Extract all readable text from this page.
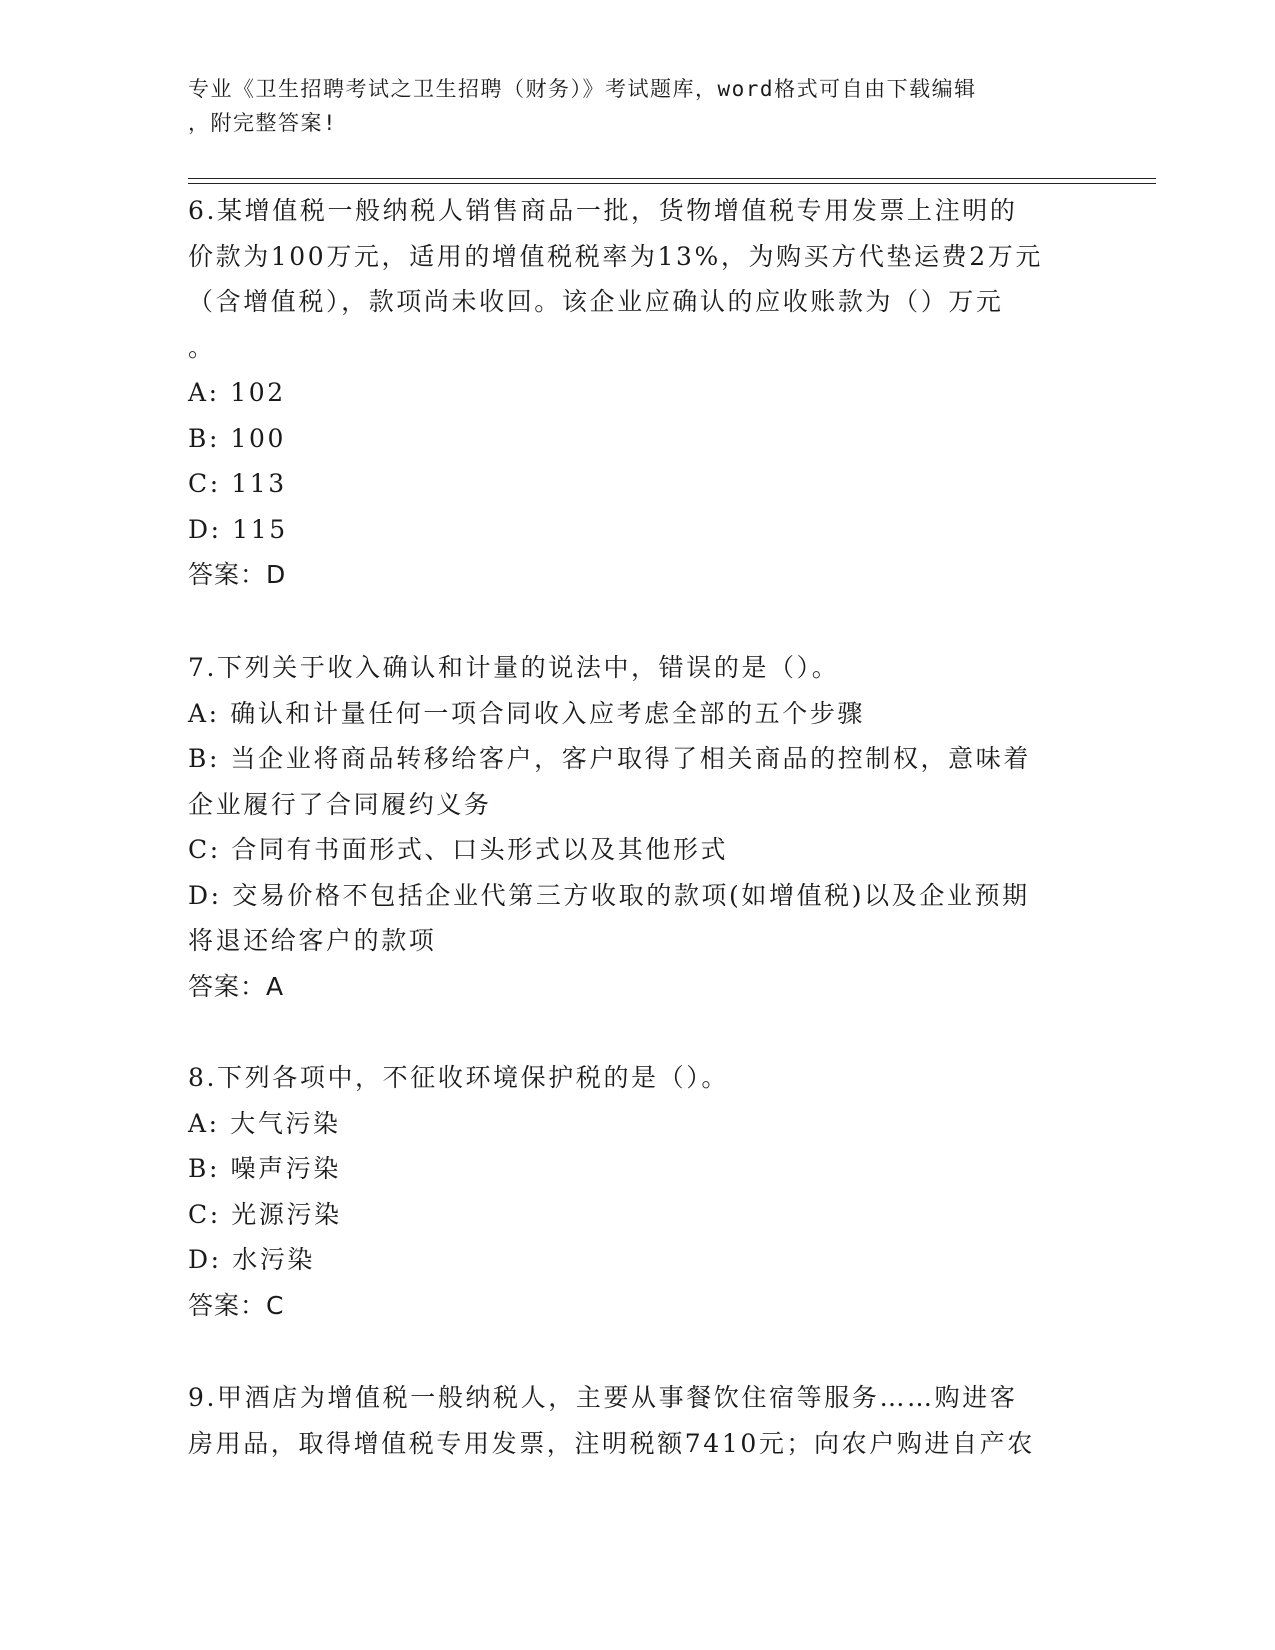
专业《卫生招聘考试之卫生招聘（财务）》考试题库，word格式可自由下载编辑
，附完整答案!

6.某增值税一般纳税人销售商品一批，货物增值税专用发票上注明的

价款为100万元，适用的增值税税率为13%，为购买方代垫运费2万元

（含增值税），款项尚未收回。该企业应确认的应收账款为（）万元

。

A: 102

B: 100

C: 113

D: 115

答案：D

7.下列关于收入确认和计量的说法中，错误的是（）。

A: 确认和计量任何一项合同收入应考虑全部的五个步骤

B: 当企业将商品转移给客户，客户取得了相关商品的控制权，意味着

企业履行了合同履约义务

C: 合同有书面形式、口头形式以及其他形式

D: 交易价格不包括企业代第三方收取的款项(如增值税)以及企业预期

将退还给客户的款项

答案：A

8.下列各项中，不征收环境保护税的是（）。

A: 大气污染

B: 噪声污染

C: 光源污染

D: 水污染

答案：C

9.甲酒店为增值税一般纳税人，主要从事餐饮住宿等服务……购进客

房用品，取得增值税专用发票，注明税额7410元；向农户购进自产农
